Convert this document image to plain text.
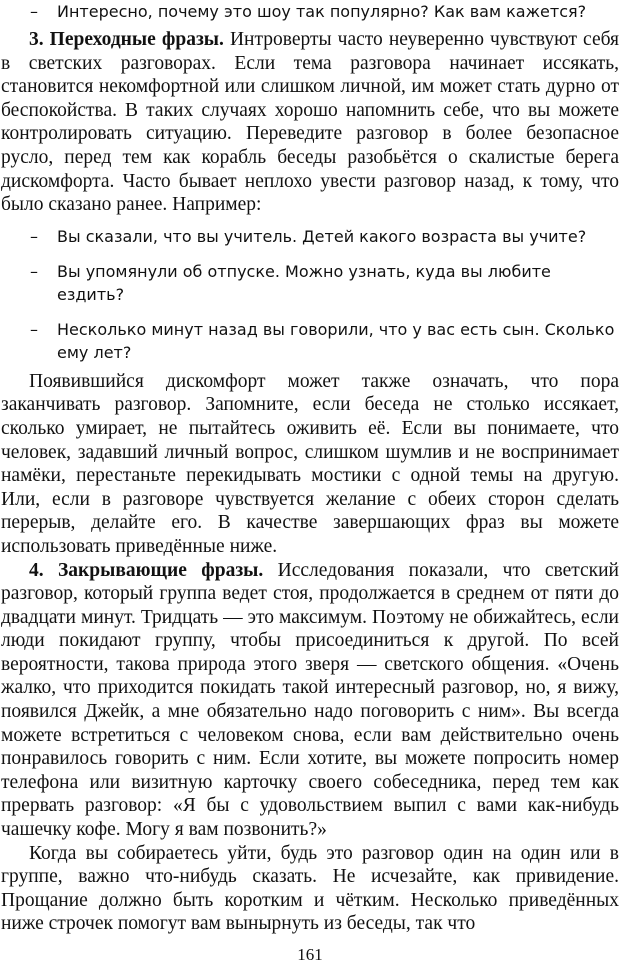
– Интересно, почему это шоу так популярно? Как вам кажется?

3. Переходные фразы. Интроверты часто неуверенно чувствуют себя в светских разговорах. Если тема разговора начинает иссякать, становится некомфортной или слишком личной, им может стать дурно от беспокойства. В таких случаях хорошо напомнить себе, что вы можете контролировать ситуацию. Переведите разговор в более безопасное русло, перед тем как корабль беседы разобьётся о скалистые берега дискомфорта. Часто бывает неплохо увести разговор назад, к тому, что было сказано ранее. Например:

– Вы сказали, что вы учитель. Детей какого возраста вы учите?
– Вы упомянули об отпуске. Можно узнать, куда вы любите ездить?
– Несколько минут назад вы говорили, что у вас есть сын. Сколько ему лет?

Появившийся дискомфорт может также означать, что пора заканчивать разговор. Запомните, если беседа не столько иссякает, сколько умирает, не пытайтесь оживить её. Если вы понимаете, что человек, задавший личный вопрос, слишком шумлив и не воспринимает намёки, перестаньте перекидывать мостики с одной темы на другую. Или, если в разговоре чувствуется желание с обеих сторон сделать перерыв, делайте его. В качестве завершающих фраз вы можете использовать приведённые ниже.

4. Закрывающие фразы. Исследования показали, что светский разговор, который группа ведет стоя, продолжается в среднем от пяти до двадцати минут. Тридцать — это максимум. Поэтому не обижайтесь, если люди покидают группу, чтобы присоединиться к другой. По всей вероятности, такова природа этого зверя — светского общения. «Очень жалко, что приходится покидать такой интересный разговор, но, я вижу, появился Джейк, а мне обязательно надо поговорить с ним». Вы всегда можете встретиться с человеком снова, если вам действительно очень понравилось говорить с ним. Если хотите, вы можете попросить номер телефона или визитную карточку своего собеседника, перед тем как прервать разговор: «Я бы с удовольствием выпил с вами как-нибудь чашечку кофе. Могу я вам позвонить?»

Когда вы собираетесь уйти, будь это разговор один на один или в группе, важно что-нибудь сказать. Не исчезайте, как привидение. Прощание должно быть коротким и чётким. Несколько приведённых ниже строчек помогут вам вынырнуть из беседы, так что

161
